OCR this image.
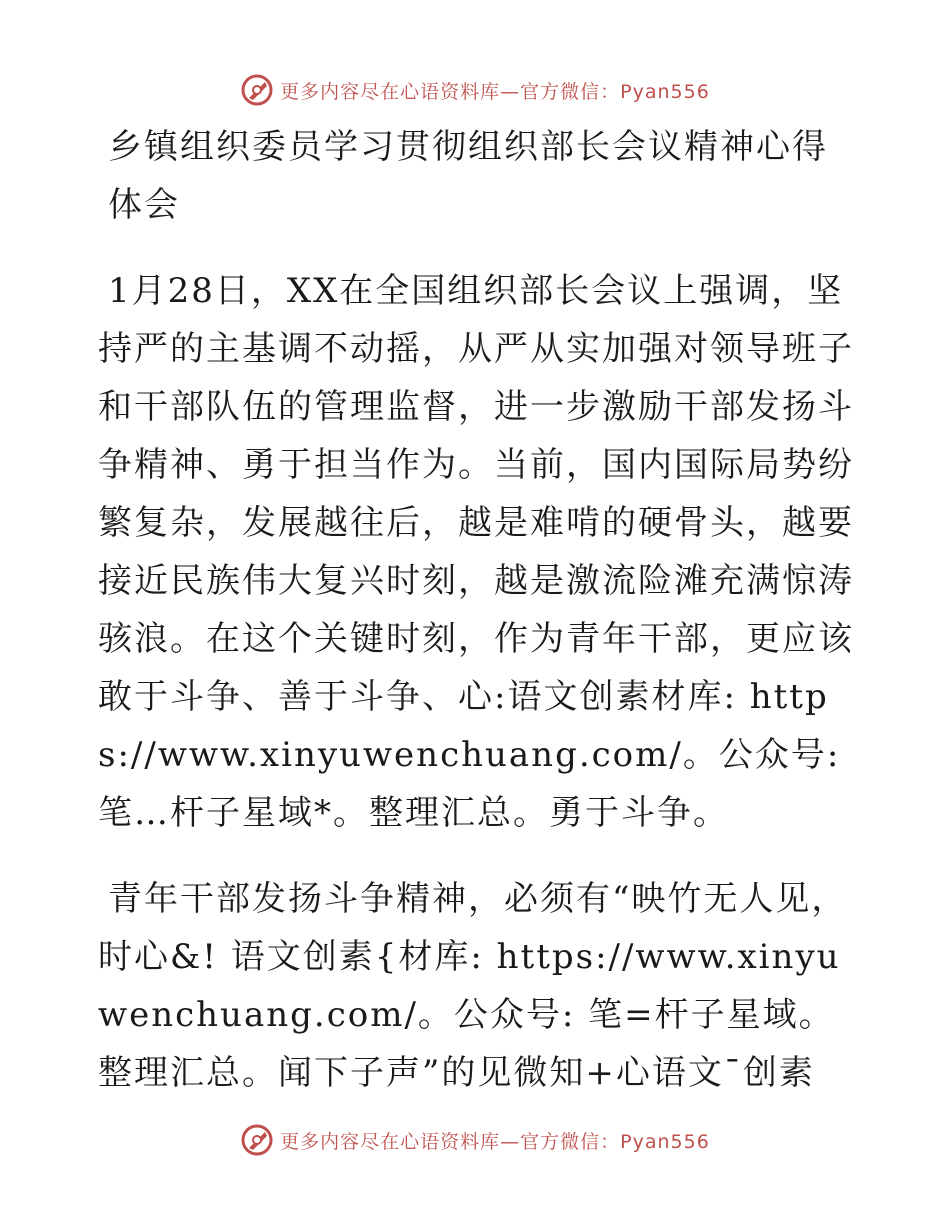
更多内容尽在心语资料库—官方微信：Pyan556

乡镇组织委员学习贯彻组织部长会议精神心得体会

1月28日，XX在全国组织部长会议上强调，坚持严的主基调不动摇，从严从实加强对领导班子和干部队伍的管理监督，进一步激励干部发扬斗争精神、勇于担当作为。当前，国内国际局势纷繁复杂，发展越往后，越是难啃的硬骨头，越要接近民族伟大复兴时刻，越是激流险滩充满惊涛骇浪。在这个关键时刻，作为青年干部，更应该敢于斗争、善于斗争、心:语文创素材库: https://www.xinyuwenchuang.com/。公众号: 笔…杆子星域*。整理汇总。勇于斗争。

青年干部发扬斗争精神，必须有“映竹无人见，时心&! 语文创素{材库: https://www.xinyuwenchuang.com/。公众号: 笔=杆子星域。整理汇总。闻下子声”的见微知+心语文¯创素

更多内容尽在心语资料库—官方微信：Pyan556
